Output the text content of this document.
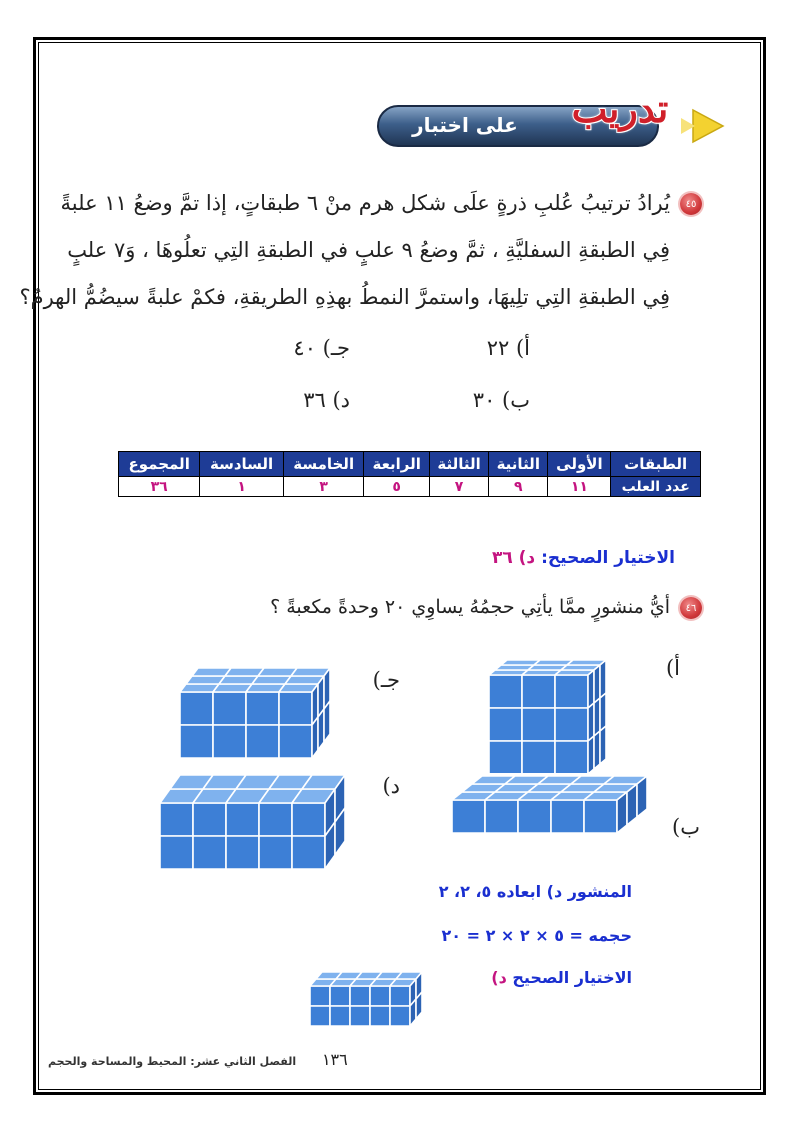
تدريب
على اختبار
٤٥
يُرادُ ترتيبُ عُلبِ ذرةٍ علَى شكل هرم منْ ٦ طبقاتٍ، إذا تمَّ وضعُ ١١ علبةً
فِي الطبقةِ السفليَّةِ ، ثمَّ وضعُ ٩ علبٍ في الطبقةِ التِي تعلُوهَا ، وَ٧ علبٍ
فِي الطبقةِ التِي تلِيهَا، واستمرَّ النمطُ بهذِهِ الطريقةِ، فكمْ علبةً سيضُمُّ الهرمُ؟
أ) ٢٢
جـ) ٤٠
ب) ٣٠
د) ٣٦
الطبقات	الأولى	الثانية	الثالثة	الرابعة	الخامسة	السادسة	المجموع
عدد العلب	١١	٩	٧	٥	٣	١	٣٦
الاختيار الصحيح: د) ٣٦
٤٦
أيُّ منشورٍ ممَّا يأتِي حجمُهُ يساوِي ٢٠ وحدةً مكعبةً ؟
أ)
جـ)
د)
ب)
المنشور د) ابعاده ٥، ٢، ٢
حجمه = ٥ × ٢ × ٢ = ٢٠
الاختيار الصحيح د)
١٣٦ الفصل الثاني عشر: المحيط والمساحة والحجم
